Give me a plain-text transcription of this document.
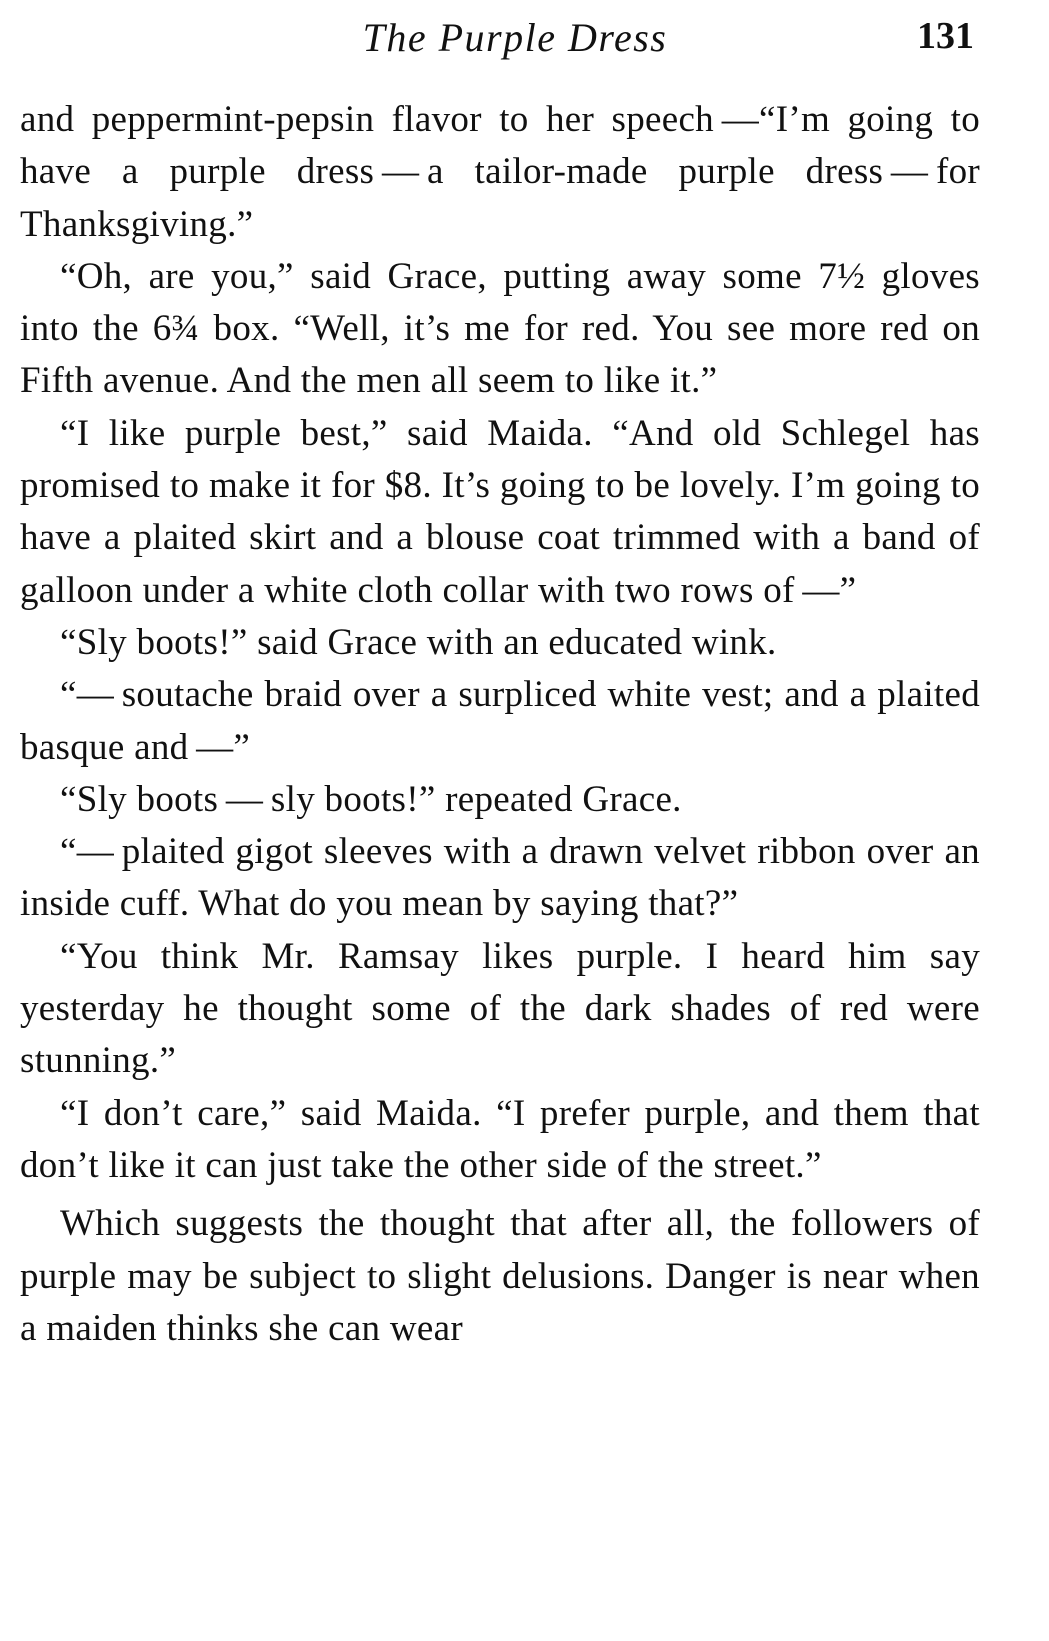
The Purple Dress	131

and peppermint-pepsin flavor to her speech —“I’m going to have a purple dress — a tailor-made purple dress — for Thanksgiving.”

“Oh, are you,” said Grace, putting away some 7½ gloves into the 6¾ box. “Well, it’s me for red. You see more red on Fifth avenue. And the men all seem to like it.”

“I like purple best,” said Maida. “And old Schlegel has promised to make it for $8. It’s going to be lovely. I’m going to have a plaited skirt and a blouse coat trimmed with a band of galloon under a white cloth collar with two rows of —”

“Sly boots!” said Grace with an educated wink.

“— soutache braid over a surpliced white vest; and a plaited basque and —”

“Sly boots — sly boots!” repeated Grace.

“— plaited gigot sleeves with a drawn velvet ribbon over an inside cuff. What do you mean by saying that?”

“You think Mr. Ramsay likes purple. I heard him say yesterday he thought some of the dark shades of red were stunning.”

“I don’t care,” said Maida. “I prefer purple, and them that don’t like it can just take the other side of the street.”

Which suggests the thought that after all, the followers of purple may be subject to slight delusions. Danger is near when a maiden thinks she can wear
